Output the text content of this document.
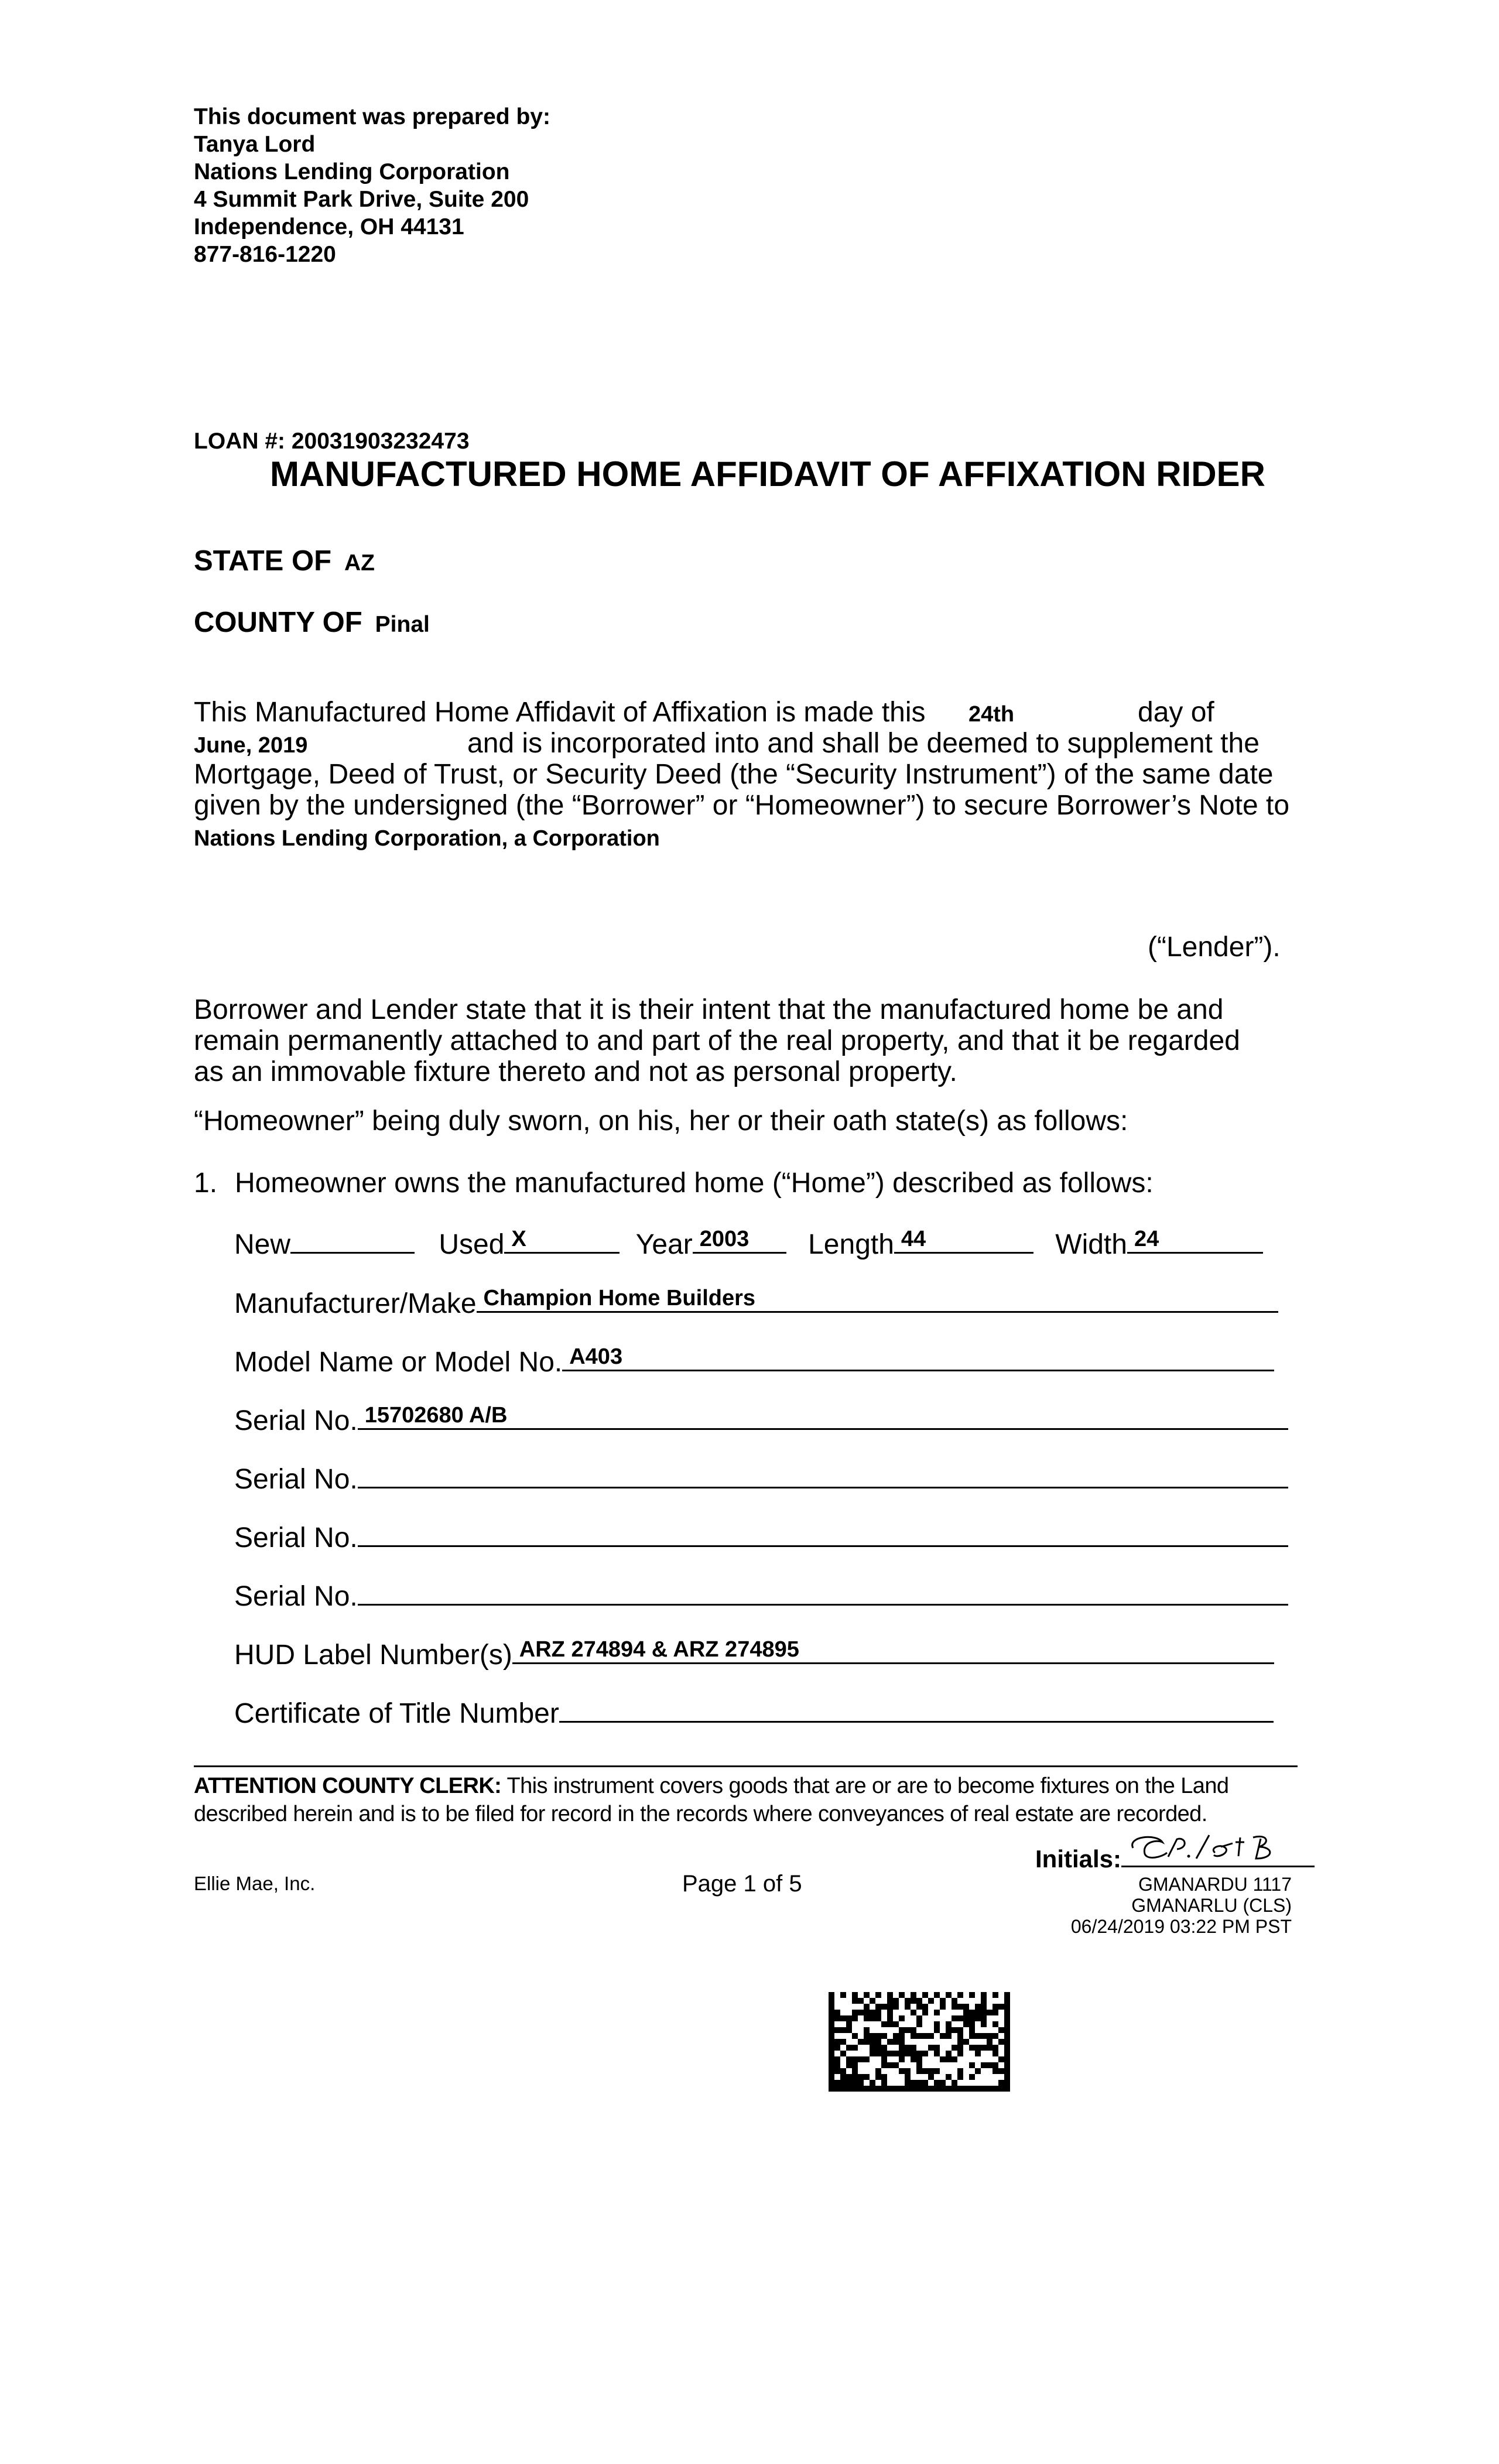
This document was prepared by:
Tanya Lord
Nations Lending Corporation
4 Summit Park Drive, Suite 200
Independence, OH 44131
877-816-1220
LOAN #: 20031903232473
MANUFACTURED HOME AFFIDAVIT OF AFFIXATION RIDER
STATE OF AZ
COUNTY OF Pinal
This Manufactured Home Affidavit of Affixation is made this 24th	day of
June, 2019	and is incorporated into and shall be deemed to supplement the
Mortgage, Deed of Trust, or Security Deed (the “Security Instrument”) of the same date
given by the undersigned (the “Borrower” or “Homeowner”) to secure Borrower’s Note to
Nations Lending Corporation, a Corporation
(“Lender”).
Borrower and Lender state that it is their intent that the manufactured home be and
remain permanently attached to and part of the real property, and that it be regarded
as an immovable fixture thereto and not as personal property.
“Homeowner” being duly sworn, on his, her or their oath state(s) as follows:
1. Homeowner owns the manufactured home (“Home”) described as follows:
New	Used X	Year 2003 Length 44	Width 24
Manufacturer/Make Champion Home Builders
Model Name or Model No. A403
Serial No. 15702680 A/B
Serial No.
Serial No.
Serial No.
HUD Label Number(s) ARZ 274894 & ARZ 274895
Certificate of Title Number
ATTENTION COUNTY CLERK: This instrument covers goods that are or are to become fixtures on the Land
described herein and is to be filed for record in the records where conveyances of real estate are recorded.
Initials:
Ellie Mae, Inc.	Page 1 of 5	GMANARDU 1117
GMANARLU (CLS)
06/24/2019 03:22 PM PST
